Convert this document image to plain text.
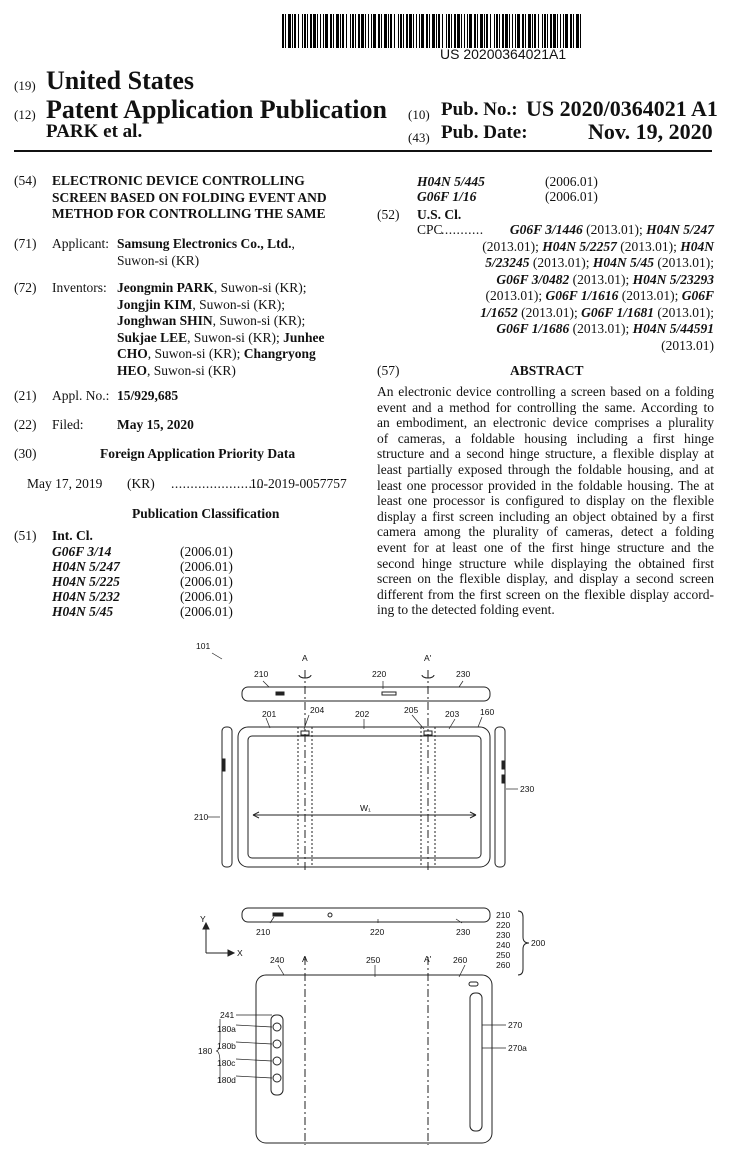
US 20200364021A1
(19) United States
(12) Patent Application Publication
PARK et al.
(10) Pub. No.: US 2020/0364021 A1
(43) Pub. Date:	Nov. 19, 2020
(54) ELECTRONIC DEVICE CONTROLLING
SCREEN BASED ON FOLDING EVENT AND
METHOD FOR CONTROLLING THE SAME
(71) Applicant: Samsung Electronics Co., Ltd.,
Suwon-si (KR)
(72) Inventors: Jeongmin PARK, Suwon-si (KR);
Jongjin KIM, Suwon-si (KR);
Jonghwan SHIN, Suwon-si (KR);
Sukjae LEE, Suwon-si (KR); Junhee
CHO, Suwon-si (KR); Changryong
HEO, Suwon-si (KR)
(21) Appl. No.: 15/929,685
(22) Filed: May 15, 2020
(30)	Foreign Application Priority Data
May 17, 2019 (KR) ........................
10-2019-0057757
Publication Classification
(51) Int. Cl.
G06F 3/14	(2006.01)
H04N 5/247	(2006.01)
H04N 5/225	(2006.01)
H04N 5/232	(2006.01)
H04N 5/45	(2006.01)
H04N 5/445	(2006.01)
G06F 1/16	(2006.01)
(52) U.S. Cl.
CPC
...........	G06F 3/1446 (2013.01); H04N 5/247
(2013.01); H04N 5/2257 (2013.01); H04N
5/23245 (2013.01); H04N 5/45 (2013.01);
G06F 3/0482 (2013.01); H04N 5/23293
(2013.01); G06F 1/1616 (2013.01); G06F
1/1652 (2013.01); G06F 1/1681 (2013.01);
G06F 1/1686 (2013.01); H04N 5/44591
(2013.01)
(57)	ABSTRACT
An electronic device controlling a screen based on a folding
event and a method for controlling the same. According to
an embodiment, an electronic device comprises a plurality
of cameras, a foldable housing including a first hinge
structure and a second hinge structure, a flexible display at
least partially exposed through the foldable housing, and at
least one processor provided in the foldable housing. The at
least one processor is configured to display on the flexible
display a first screen including an object obtained by a first
camera among the plurality of cameras, detect a folding
event for at least one of the first hinge structure and the
second hinge structure while displaying the obtained first
screen on the flexible display, and display a second screen
different from the first screen on the flexible display accord-
ing to the detected folding event.
101
A	A'
210	220	230
201	204	202	205	203 160
210
W₁
230
Y
X
210	220	230
210
220
230
240
250
260
200
A	A'
240	250	260
270
270a
241
180
180a
180b
180c
180d
